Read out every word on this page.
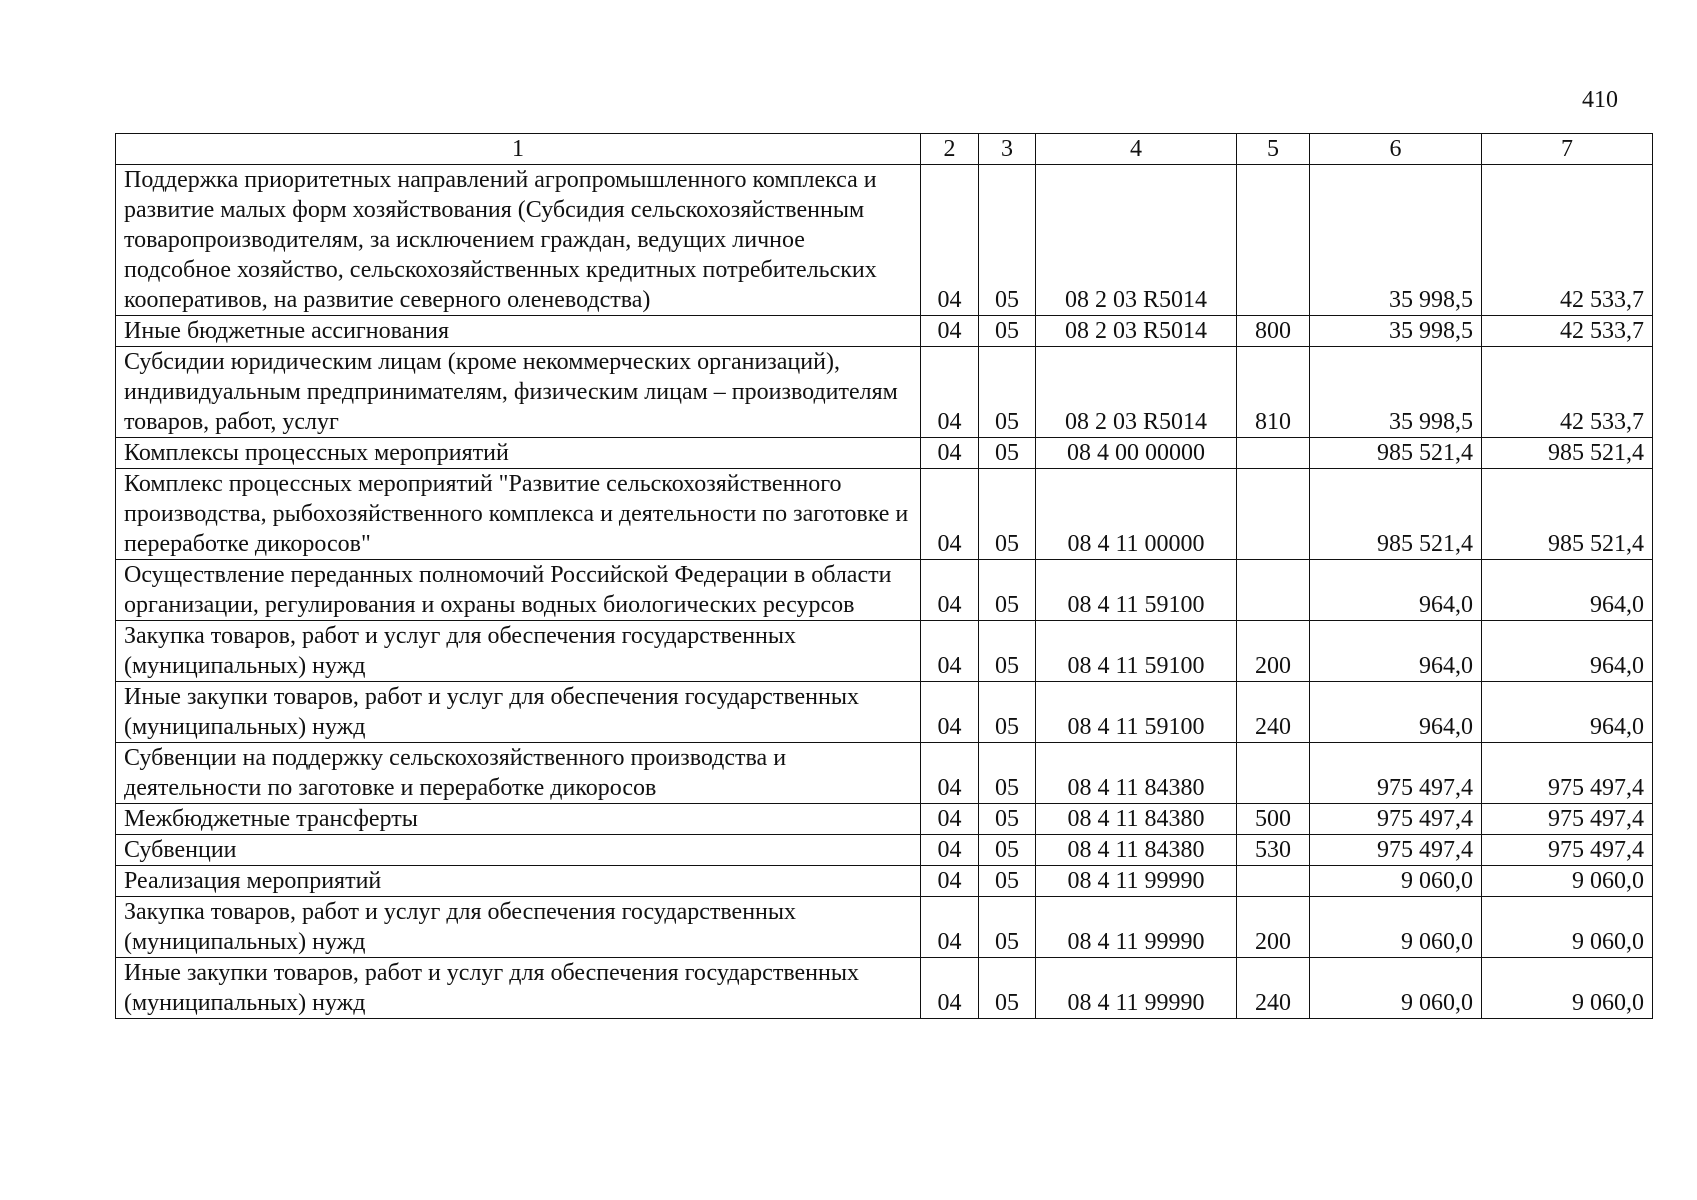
410
1	2	3	4	5	6	7
Поддержка приоритетных направлений агропромышленного комплекса и развитие малых форм хозяйствования (Субсидия сельскохозяйственным товаропроизводителям, за исключением граждан, ведущих личное подсобное хозяйство, сельскохозяйственных кредитных потребительских кооперативов, на развитие северного оленеводства)	04	05	08 2 03 R5014		35 998,5	42 533,7
Иные бюджетные ассигнования	04	05	08 2 03 R5014	800	35 998,5	42 533,7
Субсидии юридическим лицам (кроме некоммерческих организаций), индивидуальным предпринимателям, физическим лицам – производителям товаров, работ, услуг	04	05	08 2 03 R5014	810	35 998,5	42 533,7
Комплексы процессных мероприятий	04	05	08 4 00 00000		985 521,4	985 521,4
Комплекс процессных мероприятий "Развитие сельскохозяйственного производства, рыбохозяйственного комплекса и деятельности по заготовке и переработке дикоросов"	04	05	08 4 11 00000		985 521,4	985 521,4
Осуществление переданных полномочий Российской Федерации в области организации, регулирования и охраны водных биологических ресурсов	04	05	08 4 11 59100		964,0	964,0
Закупка товаров, работ и услуг для обеспечения государственных (муниципальных) нужд	04	05	08 4 11 59100	200	964,0	964,0
Иные закупки товаров, работ и услуг для обеспечения государственных (муниципальных) нужд	04	05	08 4 11 59100	240	964,0	964,0
Субвенции на поддержку сельскохозяйственного производства и деятельности по заготовке и переработке дикоросов	04	05	08 4 11 84380		975 497,4	975 497,4
Межбюджетные трансферты	04	05	08 4 11 84380	500	975 497,4	975 497,4
Субвенции	04	05	08 4 11 84380	530	975 497,4	975 497,4
Реализация мероприятий	04	05	08 4 11 99990		9 060,0	9 060,0
Закупка товаров, работ и услуг для обеспечения государственных (муниципальных) нужд	04	05	08 4 11 99990	200	9 060,0	9 060,0
Иные закупки товаров, работ и услуг для обеспечения государственных (муниципальных) нужд	04	05	08 4 11 99990	240	9 060,0	9 060,0
